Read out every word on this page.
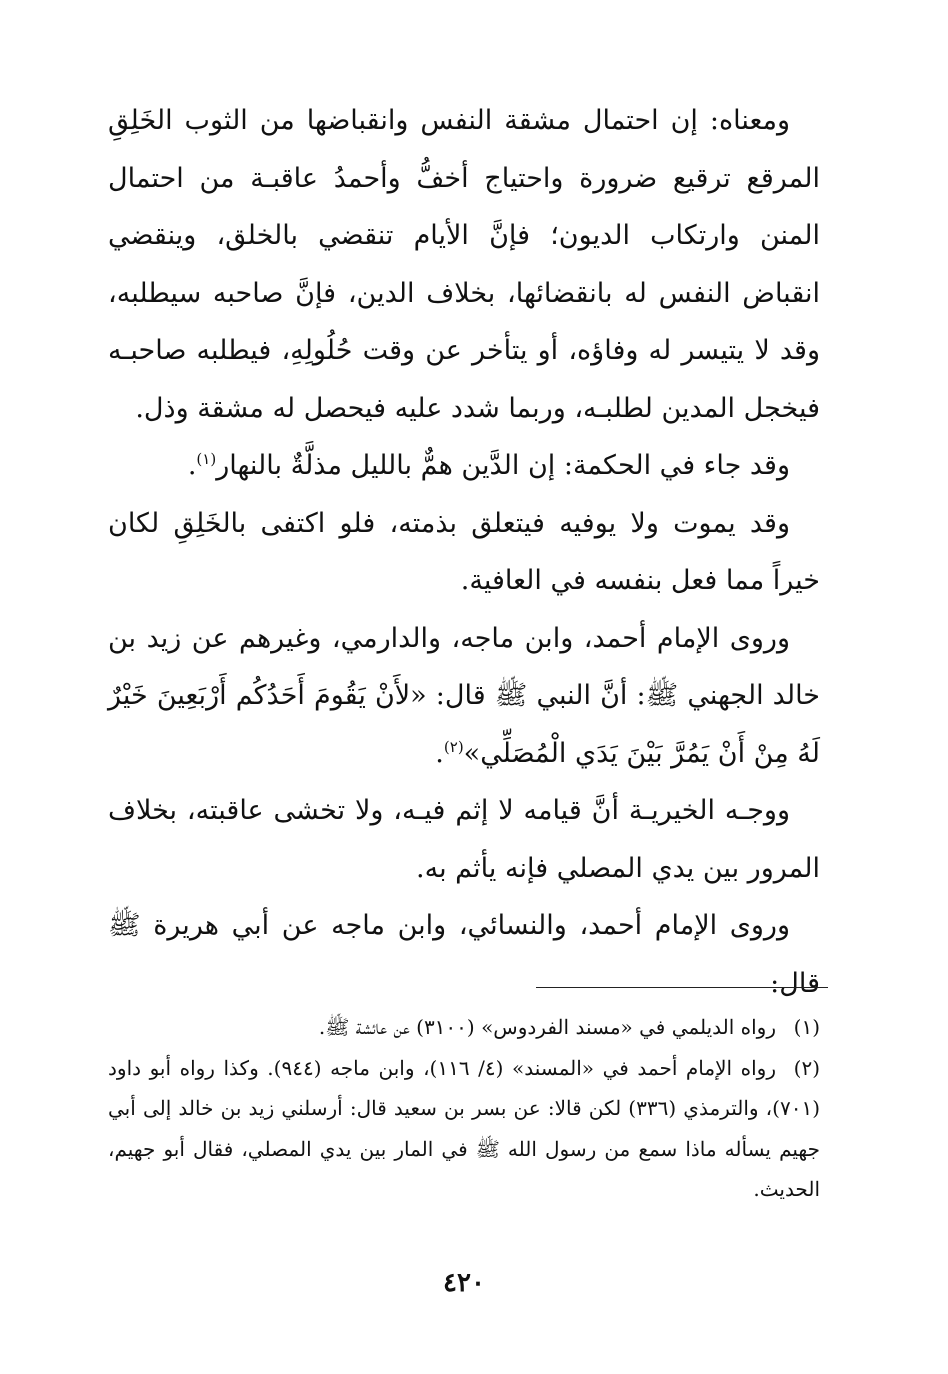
ومعناه: إن احتمال مشقة النفس وانقباضها من الثوب الخَلِقِ المرقع ترقيع ضرورة واحتياج أخفُّ وأحمدُ عاقبـة من احتمال المنن وارتكاب الديون؛ فإنَّ الأيام تنقضي بالخلق، وينقضي انقباض النفس له بانقضائها، بخلاف الدين، فإنَّ صاحبه سيطلبه، وقد لا يتيسر له وفاؤه، أو يتأخر عن وقت حُلُولِهِ، فيطلبه صاحبـه فيخجل المدين لطلبـه، وربما شدد عليه فيحصل له مشقة وذل.

وقد جاء في الحكمة: إن الدَّين همٌّ بالليل مذلَّةٌ بالنهار$^{(١)}$.

وقد يموت ولا يوفيه فيتعلق بذمته، فلو اكتفى بالخَلِقِ لكان خيراً مما فعل بنفسه في العافية.

وروى الإمام أحمد، وابن ماجه، والدارمي، وغيرهم عن زيد بن خالد الجهني ﷺ: أنَّ النبي ﷺ قال: «لأَنْ يَقُومَ أَحَدُكُم أَرْبَعِينَ خَيْرٌ لَهُ مِنْ أَنْ يَمُرَّ بَيْنَ يَدَي الْمُصَلِّي»$^{(٢)}$.

ووجـه الخيريـة أنَّ قيامه لا إثم فيـه، ولا تخشى عاقبته، بخلاف المرور بين يدي المصلي فإنه يأثم به.

وروى الإمام أحمد، والنسائي، وابن ماجه عن أبي هريرة ﷺ قال:

(١)رواه الديلمي في «مسند الفردوس» (٣١٠٠) عن عائشة ﷺ.

(٢)رواه الإمام أحمد في «المسند» (٤/ ١١٦)، وابن ماجه (٩٤٤). وكذا رواه أبو داود (٧٠١)، والترمذي (٣٣٦) لكن قالا: عن بسر بن سعيد قال: أرسلني زيد بن خالد إلى أبي جهيم يسأله ماذا سمع من رسول الله ﷺ في المار بين يدي المصلي، فقال أبو جهيم، الحديث.

٤٢٠
